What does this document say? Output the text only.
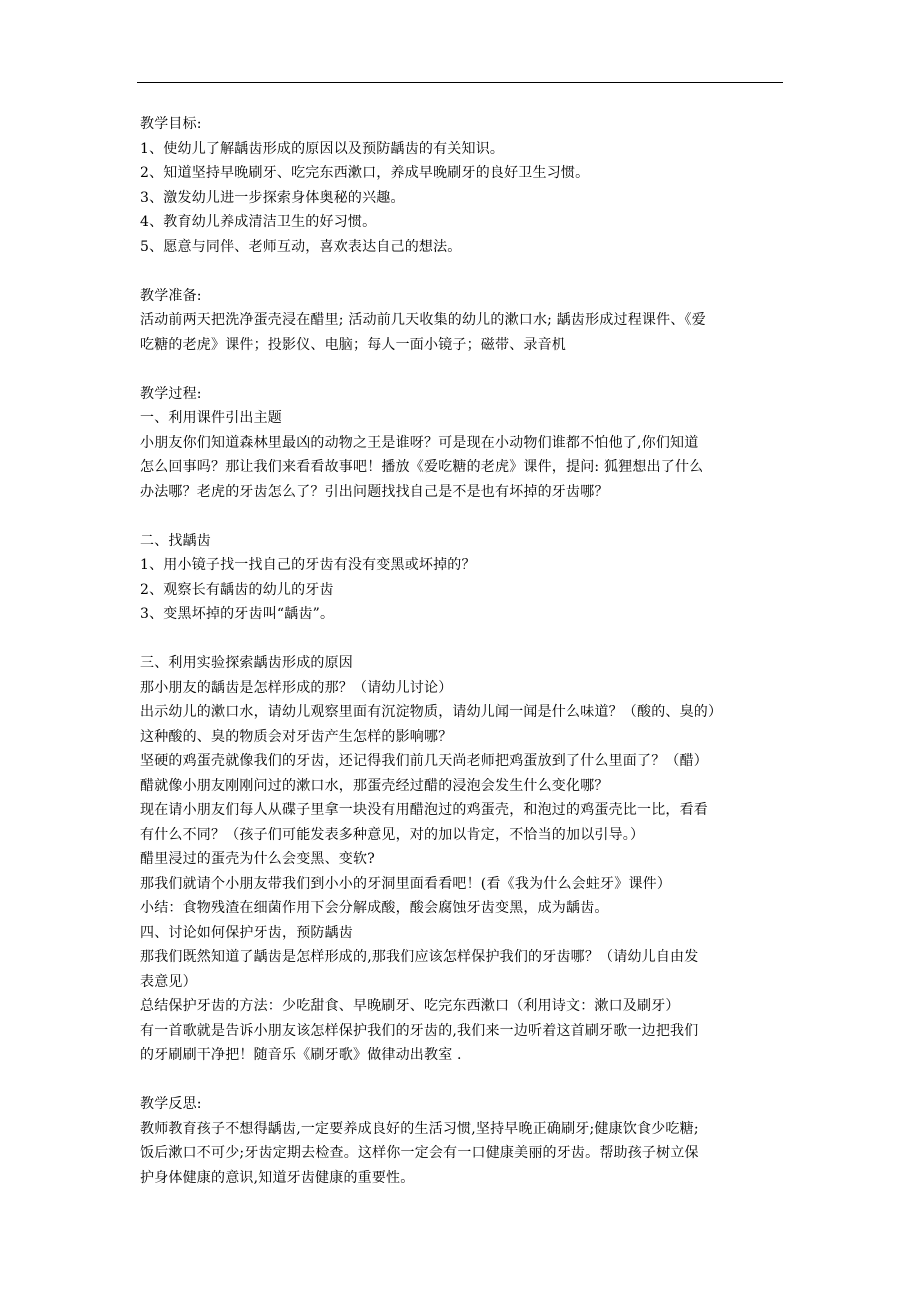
教学目标:
1、使幼儿了解龋齿形成的原因以及预防龋齿的有关知识。
2、知道坚持早晚刷牙、吃完东西漱口，养成早晚刷牙的良好卫生习惯。
3、激发幼儿进一步探索身体奥秘的兴趣。
4、教育幼儿养成清洁卫生的好习惯。
5、愿意与同伴、老师互动，喜欢表达自己的想法。
教学准备:
活动前两天把洗净蛋壳浸在醋里; 活动前几天收集的幼儿的漱口水; 龋齿形成过程课件、《爱
吃糖的老虎》课件；投影仪、电脑；每人一面小镜子；磁带、录音机
教学过程:
一、利用课件引出主题
小朋友你们知道森林里最凶的动物之王是谁呀？可是现在小动物们谁都不怕他了,你们知道
怎么回事吗？那让我们来看看故事吧！播放《爱吃糖的老虎》课件，提问: 狐狸想出了什么
办法哪？老虎的牙齿怎么了？引出问题找找自己是不是也有坏掉的牙齿哪？
二、找龋齿
1、用小镜子找一找自己的牙齿有没有变黑或坏掉的？
2、观察长有龋齿的幼儿的牙齿
3、变黑坏掉的牙齿叫“龋齿”。
三、利用实验探索龋齿形成的原因
那小朋友的龋齿是怎样形成的那？（请幼儿讨论）
出示幼儿的漱口水，请幼儿观察里面有沉淀物质，请幼儿闻一闻是什么味道？（酸的、臭的）
这种酸的、臭的物质会对牙齿产生怎样的影响哪？
坚硬的鸡蛋壳就像我们的牙齿，还记得我们前几天尚老师把鸡蛋放到了什么里面了？（醋）
醋就像小朋友刚刚问过的漱口水，那蛋壳经过醋的浸泡会发生什么变化哪？
现在请小朋友们每人从碟子里拿一块没有用醋泡过的鸡蛋壳，和泡过的鸡蛋壳比一比，看看
有什么不同？（孩子们可能发表多种意见，对的加以肯定，不恰当的加以引导。）
醋里浸过的蛋壳为什么会变黑、变软?
那我们就请个小朋友带我们到小小的牙洞里面看看吧！(看《我为什么会蛀牙》课件）
小结：食物残渣在细菌作用下会分解成酸，酸会腐蚀牙齿变黑，成为龋齿。
四、讨论如何保护牙齿，预防龋齿
那我们既然知道了龋齿是怎样形成的,那我们应该怎样保护我们的牙齿哪？（请幼儿自由发
表意见）
总结保护牙齿的方法：少吃甜食、早晚刷牙、吃完东西漱口（利用诗文：漱口及刷牙）
有一首歌就是告诉小朋友该怎样保护我们的牙齿的,我们来一边听着这首刷牙歌一边把我们
的牙刷刷干净把！随音乐《刷牙歌》做律动出教室 .
教学反思:
教师教育孩子不想得龋齿,一定要养成良好的生活习惯,坚持早晚正确刷牙;健康饮食少吃糖;
饭后漱口不可少;牙齿定期去检查。这样你一定会有一口健康美丽的牙齿。帮助孩子树立保
护身体健康的意识,知道牙齿健康的重要性。
